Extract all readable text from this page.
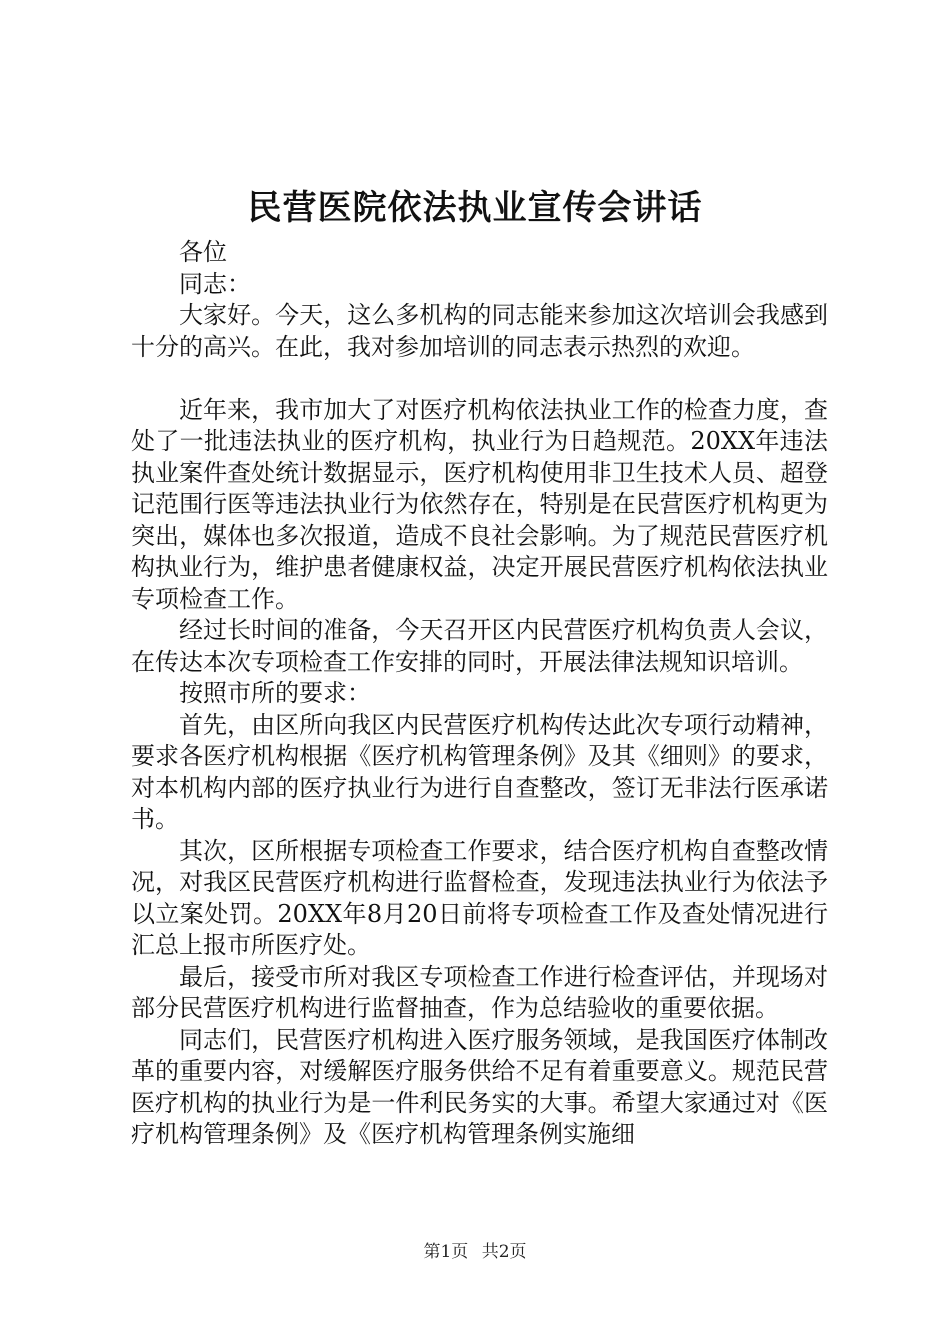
民营医院依法执业宣传会讲话

各位

同志：

大家好。今天，这么多机构的同志能来参加这次培训会我感到十分的高兴。在此，我对参加培训的同志表示热烈的欢迎。

近年来，我市加大了对医疗机构依法执业工作的检查力度，查处了一批违法执业的医疗机构，执业行为日趋规范。20XX年违法执业案件查处统计数据显示，医疗机构使用非卫生技术人员、超登记范围行医等违法执业行为依然存在，特别是在民营医疗机构更为突出，媒体也多次报道，造成不良社会影响。为了规范民营医疗机构执业行为，维护患者健康权益，决定开展民营医疗机构依法执业专项检查工作。

经过长时间的准备，今天召开区内民营医疗机构负责人会议，在传达本次专项检查工作安排的同时，开展法律法规知识培训。

按照市所的要求：

首先，由区所向我区内民营医疗机构传达此次专项行动精神，要求各医疗机构根据《医疗机构管理条例》及其《细则》的要求，对本机构内部的医疗执业行为进行自查整改，签订无非法行医承诺书。

其次，区所根据专项检查工作要求，结合医疗机构自查整改情况，对我区民营医疗机构进行监督检查，发现违法执业行为依法予以立案处罚。20XX年8月20日前将专项检查工作及查处情况进行汇总上报市所医疗处。

最后，接受市所对我区专项检查工作进行检查评估，并现场对部分民营医疗机构进行监督抽查，作为总结验收的重要依据。

同志们，民营医疗机构进入医疗服务领域，是我国医疗体制改革的重要内容，对缓解医疗服务供给不足有着重要意义。规范民营医疗机构的执业行为是一件利民务实的大事。希望大家通过对《医疗机构管理条例》及《医疗机构管理条例实施细

第1页 共2页
